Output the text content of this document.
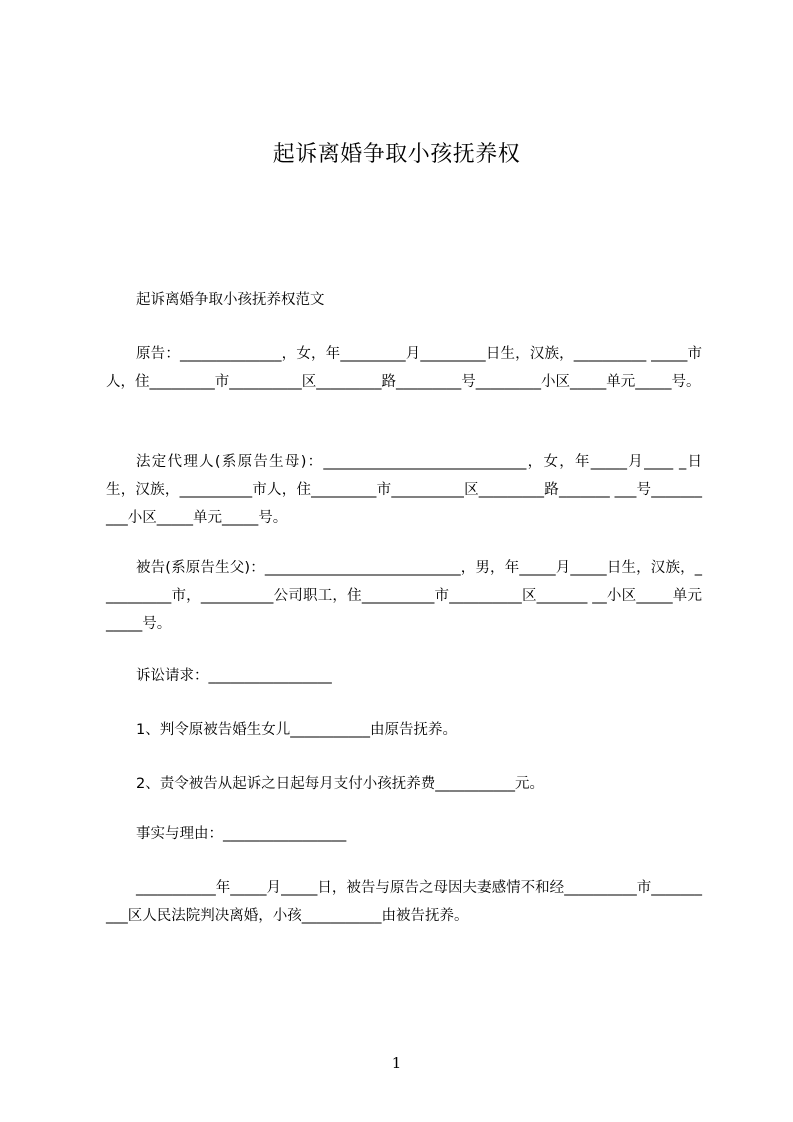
起诉离婚争取小孩抚养权

起诉离婚争取小孩抚养权范文

原告：______________，女，年_________月_________日生，汉族，__________ _____市人，住_________市__________区_________路_________号_________小区_____单元_____号。

法定代理人(系原告生母)：____________________________，女，年_____月____ _日生，汉族，__________市人，住_________市__________区_________路_______ ___号__________小区_____单元_____号。

被告(系原告生父)：___________________________，男，年_____月_____日生，汉族，__________市，__________公司职工，住__________市__________区_______ __小区_____单元_____号。

诉讼请求：_________________

1、判令原被告婚生女儿___________由原告抚养。

2、责令被告从起诉之日起每月支付小孩抚养费___________元。

事实与理由：_________________

___________年_____月_____日，被告与原告之母因夫妻感情不和经__________市__________区人民法院判决离婚，小孩___________由被告抚养。

1
